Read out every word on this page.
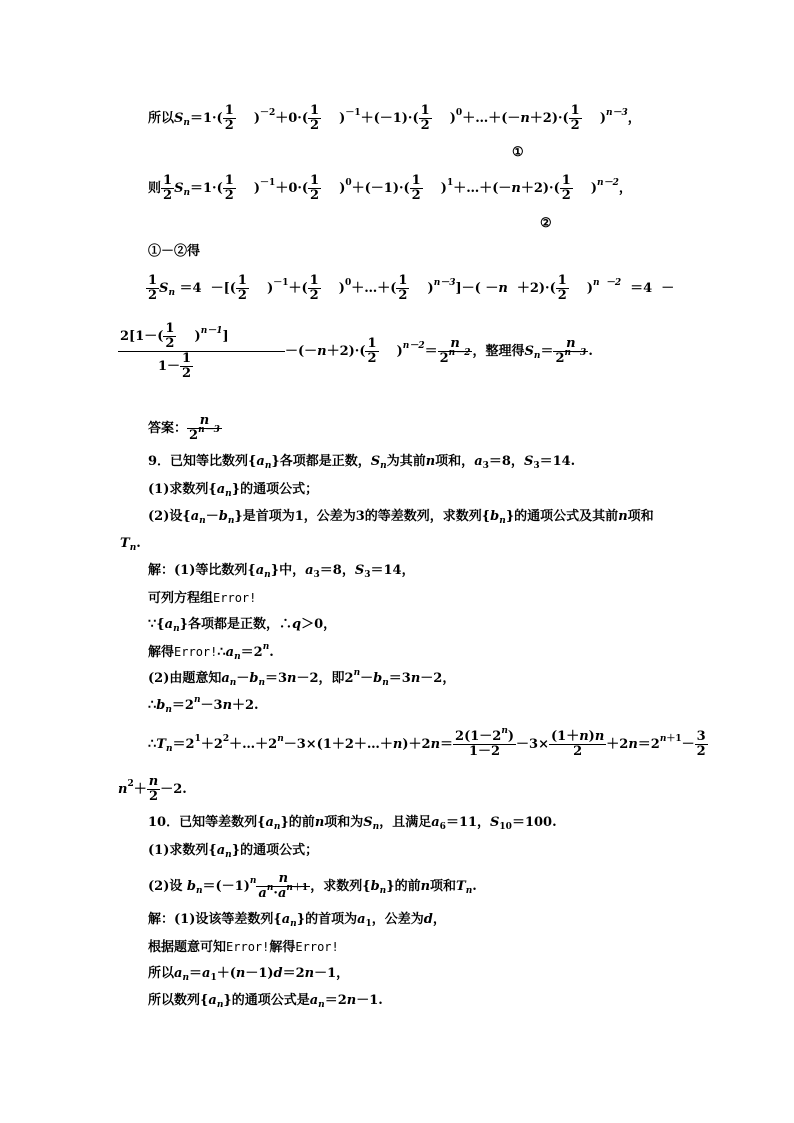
所以$S_n=1\cdot( \frac{1}{2} )^{-2}+0\cdot( \frac{1}{2} )^{-1}+(-1)\cdot( \frac{1}{2}$ )$^0+\dots+(-n+2)\cdot( \frac{1}{2} )^{n-3}$，
①
则 $\frac{1}{2} S_n=1\cdot( \frac{1}{2} )^{-1}+0\cdot( \frac{1}{2} )^0+(-1)\cdot( \frac{1}{2}$ )$^1+\dots+(-n+2)\cdot( \frac{1}{2} )^{n-2}$，
②
①－②得
$\frac{1}{2} S_n =4$  －[( $\frac{1}{2} )^{-1}+( \frac{1}{2}$ )$^0+\dots+( \frac{1}{2} )^{n-3}]-( -n +2)\cdot( \frac{1}{2} )^{n -2} =4$  －
$\frac{2[1-( \frac{1}{2} )^{n-1}]}{1- \frac{1}{2}} -(-n+2)\cdot( \frac{1}{2} )^{n-2}= \frac{n}{2^{n-2}}$ ，整理得$S_n= \frac{n}{2^{n-3}}$ .
答案： $\frac{n}{2^{n-3}}$
9．已知等比数列$\{a_n\}$各项都是正数，$S_n$为其前n项和，$a_3=8$，$S_3=14$.
(1)求数列$\{a_n\}$的通项公式；
(2)设$\{a_n-b_n\}$是首项为1，公差为3的等差数列，求数列$\{b_n\}$的通项公式及其前n项和
$T_n$.
解：(1)等比数列$\{a_n\}$中，$a_3=8$，$S_3=14$，
可列方程组Error!
$\because\{a_n\}$各项都是正数，∴q＞0，
解得$Error!\therefore a_n=2^n$.
(2)由题意知$a_n-b_n=3n-2$，即$2^n-b_n=3n-2$，
$\therefore b_n=2^n-3n+2$.
$\therefore T_n=2^1+2^2+\dots+2^n-3\times(1+2+\dots+n)+2n= \frac{2(1-2^n)}{1-2} -3\times \frac{(1+n)n}{2} +2n=2^{n+1}- \frac{3}{2}$
$n^2+ \frac{n}{2} -2$.
10．已知等差数列$\{a_n\}$的前n项和为$S_n$，且满足$a_6=11$，$S_{10}=100$.
(1)求数列$\{a_n\}$的通项公式；
(2)设 $b_n=(-1)^n \frac{n}{a^n\cdot a^{n+1}}$ ，求数列$\{b_n\}$的前n项和$T_n$.
解：(1)设该等差数列$\{a_n\}$的首项为$a_1$，公差为d，
根据题意可知Error!解得Error!
所以$a_n=a_1+(n-1)d=2n-1$，
所以数列$\{a_n\}$的通项公式是$a_n=2n-1$.
